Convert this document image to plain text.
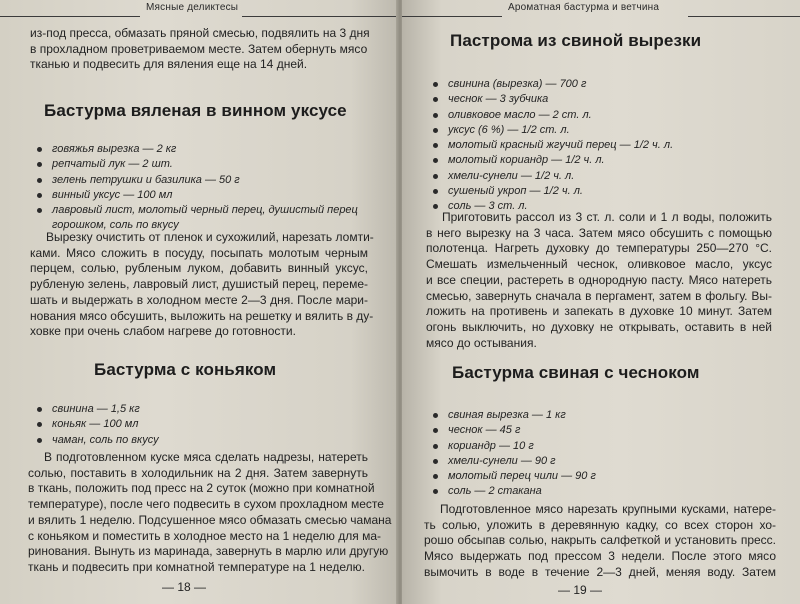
Мясные деликтесы
из-под пресса, обмазать пряной смесью, подвялить на 3 дня
в прохладном проветриваемом месте. Затем обернуть мясо
тканью и подвесить для вяления еще на 14 дней.
Бастурма вяленая в винном уксусе
говяжья вырезка — 2 кг
репчатый лук — 2 шт.
зелень петрушки и базилика — 50 г
винный уксус — 100 мл
лавровый лист, молотый черный перец, душистый перец
горошком, соль по вкусу
Вырезку очистить от пленок и сухожилий, нарезать ломти-
ками. Мясо сложить в посуду, посыпать молотым черным
перцем, солью, рубленым луком, добавить винный уксус,
рубленую зелень, лавровый лист, душистый перец, переме-
шать и выдержать в холодном месте 2—3 дня. После мари-
нования мясо обсушить, выложить на решетку и вялить в ду-
ховке при очень слабом нагреве до готовности.
Бастурма с коньяком
свинина — 1,5 кг
коньяк — 100 мл
чаман, соль по вкусу
В подготовленном куске мяса сделать надрезы, натереть
солью, поставить в холодильник на 2 дня. Затем завернуть
в ткань, положить под пресс на 2 суток (можно при комнатной
температуре), после чего подвесить в сухом прохладном месте
и вялить 1 неделю. Подсушенное мясо обмазать смесью чамана
с коньяком и поместить в холодное место на 1 неделю для ма-
ринования. Вынуть из маринада, завернуть в марлю или другую
ткань и подвесить при комнатной температуре на 1 неделю.
— 18 —
Ароматная бастурма и ветчина
Пастрома из свиной вырезки
свинина (вырезка) — 700 г
чеснок — 3 зубчика
оливковое масло — 2 ст. л.
уксус (6 %) — 1/2 ст. л.
молотый красный жгучий перец — 1/2 ч. л.
молотый кориандр — 1/2 ч. л.
хмели-сунели — 1/2 ч. л.
сушеный укроп — 1/2 ч. л.
соль — 3 ст. л.
Приготовить рассол из 3 ст. л. соли и 1 л воды, положить
в него вырезку на 3 часа. Затем мясо обсушить с помощью
полотенца. Нагреть духовку до температуры 250—270 °С.
Смешать измельченный чеснок, оливковое масло, уксус
и все специи, растереть в однородную пасту. Мясо натереть
смесью, завернуть сначала в пергамент, затем в фольгу. Вы-
ложить на противень и запекать в духовке 10 минут. Затем
огонь выключить, но духовку не открывать, оставить в ней
мясо до остывания.
Бастурма свиная с чесноком
свиная вырезка — 1 кг
чеснок — 45 г
кориандр — 10 г
хмели-сунели — 90 г
молотый перец чили — 90 г
соль — 2 стакана
Подготовленное мясо нарезать крупными кусками, натерe-
ть солью, уложить в деревянную кадку, со всех сторон хо-
рошо обсыпав солью, накрыть салфеткой и установить пресс.
Мясо выдержать под прессом 3 недели. После этого мясо
вымочить в воде в течение 2—3 дней, меняя воду. Затем
— 19 —
